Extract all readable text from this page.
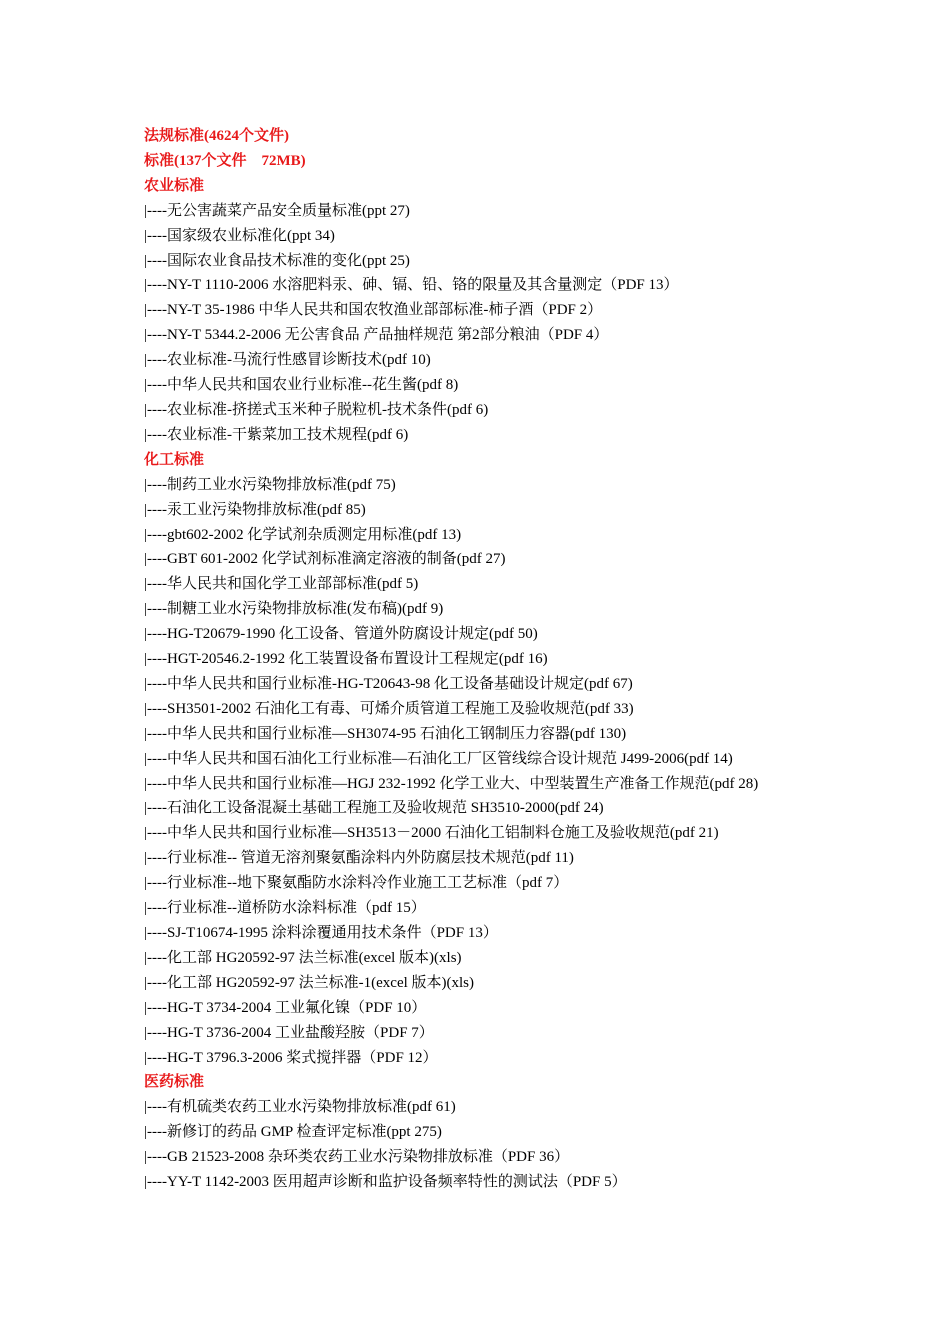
法规标准(4624个文件)
标准(137个文件    72MB)
农业标准
|----无公害蔬菜产品安全质量标准(ppt 27)
|----国家级农业标准化(ppt 34)
|----国际农业食品技术标准的变化(ppt 25)
|----NY-T 1110-2006 水溶肥料汞、砷、镉、铅、铬的限量及其含量测定（PDF 13）
|----NY-T 35-1986 中华人民共和国农牧渔业部部标准-柿子酒（PDF 2）
|----NY-T 5344.2-2006 无公害食品 产品抽样规范 第2部分粮油（PDF 4）
|----农业标准-马流行性感冒诊断技术(pdf 10)
|----中华人民共和国农业行业标准--花生酱(pdf 8)
|----农业标准-挤搓式玉米种子脱粒机-技术条件(pdf 6)
|----农业标准-干紫菜加工技术规程(pdf 6)
化工标准
|----制药工业水污染物排放标准(pdf 75)
|----汞工业污染物排放标准(pdf 85)
|----gbt602-2002 化学试剂杂质测定用标准(pdf 13)
|----GBT 601-2002 化学试剂标准滴定溶液的制备(pdf 27)
|----华人民共和国化学工业部部标准(pdf 5)
|----制糖工业水污染物排放标准(发布稿)(pdf 9)
|----HG-T20679-1990 化工设备、管道外防腐设计规定(pdf 50)
|----HGT-20546.2-1992 化工装置设备布置设计工程规定(pdf 16)
|----中华人民共和国行业标准-HG-T20643-98 化工设备基础设计规定(pdf 67)
|----SH3501-2002 石油化工有毒、可烯介质管道工程施工及验收规范(pdf 33)
|----中华人民共和国行业标准—SH3074-95 石油化工钢制压力容器(pdf 130)
|----中华人民共和国石油化工行业标准—石油化工厂区管线综合设计规范 J499-2006(pdf 14)
|----中华人民共和国行业标准—HGJ 232-1992 化学工业大、中型装置生产准备工作规范(pdf 28)
|----石油化工设备混凝土基础工程施工及验收规范 SH3510-2000(pdf 24)
|----中华人民共和国行业标准—SH3513－2000 石油化工铝制料仓施工及验收规范(pdf 21)
|----行业标准-- 管道无溶剂聚氨酯涂料内外防腐层技术规范(pdf 11)
|----行业标准--地下聚氨酯防水涂料冷作业施工工艺标准（pdf 7）
|----行业标准--道桥防水涂料标准（pdf 15）
|----SJ-T10674-1995 涂料涂覆通用技术条件（PDF 13）
|----化工部 HG20592-97 法兰标准(excel 版本)(xls)
|----化工部 HG20592-97 法兰标准-1(excel 版本)(xls)
|----HG-T 3734-2004 工业氟化镍（PDF 10）
|----HG-T 3736-2004 工业盐酸羟胺（PDF 7）
|----HG-T 3796.3-2006 桨式搅拌器（PDF 12）
医药标准
|----有机硫类农药工业水污染物排放标准(pdf 61)
|----新修订的药品 GMP 检查评定标准(ppt 275)
|----GB 21523-2008 杂环类农药工业水污染物排放标准（PDF 36）
|----YY-T 1142-2003 医用超声诊断和监护设备频率特性的测试法（PDF 5）
